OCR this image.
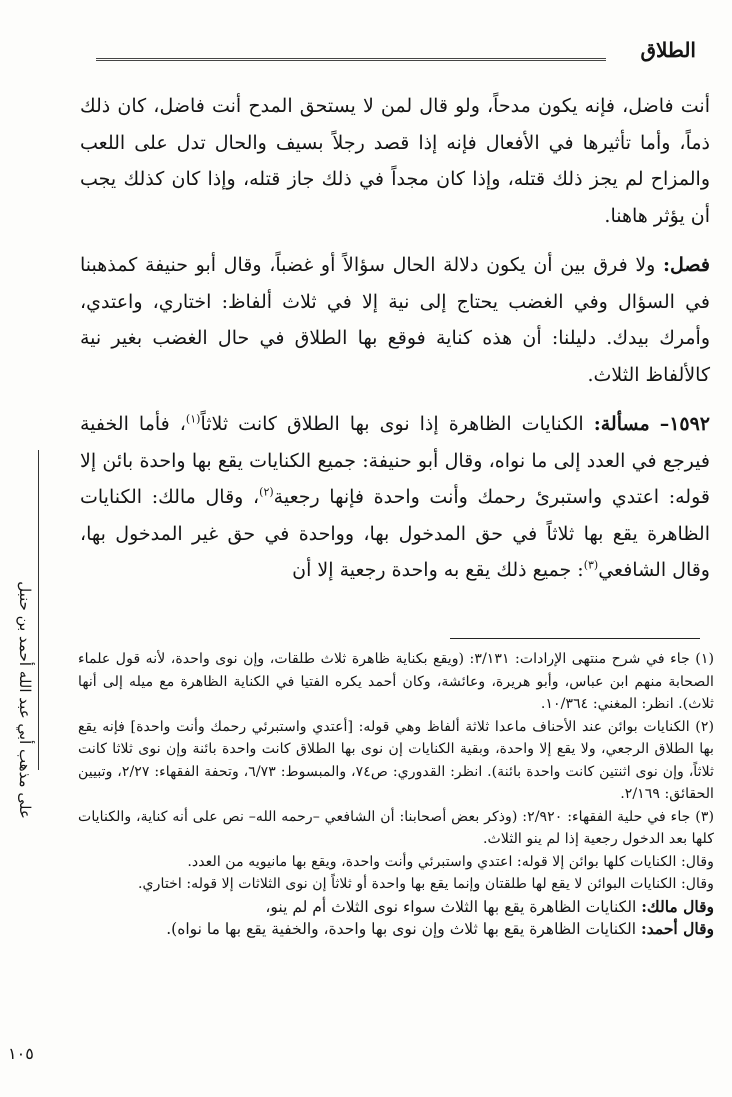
الطلاق
على مذهب أبي عبد الله أحمد بن حنبل

أنت فاضل، فإنه يكون مدحاً، ولو قال لمن لا يستحق المدح أنت فاضل، كان ذلك ذماً، وأما تأثيرها في الأفعال فإنه إذا قصد رجلاً بسيف والحال تدل على اللعب والمزاح لم يجز ذلك قتله، وإذا كان مجداً في ذلك جاز قتله، وإذا كان كذلك يجب أن يؤثر هاهنا.

فصل: ولا فرق بين أن يكون دلالة الحال سؤالاً أو غضباً، وقال أبو حنيفة كمذهبنا في السؤال وفي الغضب يحتاج إلى نية إلا في ثلاث ألفاظ: اختاري، واعتدي، وأمرك بيدك. دليلنا: أن هذه كناية فوقع بها الطلاق في حال الغضب بغير نية كالألفاظ الثلاث.

١٥٩٢– مسألة: الكنايات الظاهرة إذا نوى بها الطلاق كانت ثلاثاً$^{(١)}$، فأما الخفية فيرجع في العدد إلى ما نواه، وقال أبو حنيفة: جميع الكنايات يقع بها واحدة بائن إلا قوله: اعتدي واستبرئ رحمك وأنت واحدة فإنها رجعية$^{(٢)}$، وقال مالك: الكنايات الظاهرة يقع بها ثلاثاً في حق المدخول بها، وواحدة في حق غير المدخول بها، وقال الشافعي$^{(٣)}$: جميع ذلك يقع به واحدة رجعية إلا أن

(١) جاء في شرح منتهى الإرادات: ٣/١٣١: (ويقع بكناية ظاهرة ثلاث طلقات، وإن نوى واحدة، لأنه قول علماء الصحابة منهم ابن عباس، وأبو هريرة، وعائشة، وكان أحمد يكره الفتيا في الكناية الظاهرة مع ميله إلى أنها ثلاث). انظر: المغني: ١٠/٣٦٤.

(٢) الكنايات بوائن عند الأحناف ماعدا ثلاثة ألفاظ وهي قوله: [أعتدي واستبرئي رحمك وأنت واحدة] فإنه يقع بها الطلاق الرجعي، ولا يقع إلا واحدة، وبقية الكنايات إن نوى بها الطلاق كانت واحدة بائنة وإن نوى ثلاثا كانت ثلاثاً، وإن نوى اثنتين كانت واحدة بائنة). انظر: القدوري: ص٧٤، والمبسوط: ٦/٧٣، وتحفة الفقهاء: ٢/٢٧، وتبيين الحقائق: ٢/١٦٩.

(٣) جاء في حلية الفقهاء: ٢/٩٢٠: (وذكر بعض أصحابنا: أن الشافعي –رحمه الله– نص على أنه كناية، والكنايات كلها بعد الدخول رجعية إذا لم ينو الثلاث.

وقال: الكنايات كلها بوائن إلا قوله: اعتدي واستبرئي وأنت واحدة، ويقع بها مانيويه من العدد.

وقال: الكنايات البوائن لا يقع لها طلقتان وإنما يقع بها واحدة أو ثلاثاً إن نوى الثلاثات إلا قوله: اختاري.

وقال مالك: الكنايات الظاهرة يقع بها الثلاث سواء نوى الثلاث أم لم ينو،

وقال أحمد: الكنايات الظاهرة يقع بها ثلاث وإن نوى بها واحدة، والخفية يقع بها ما نواه).

١٠٥
